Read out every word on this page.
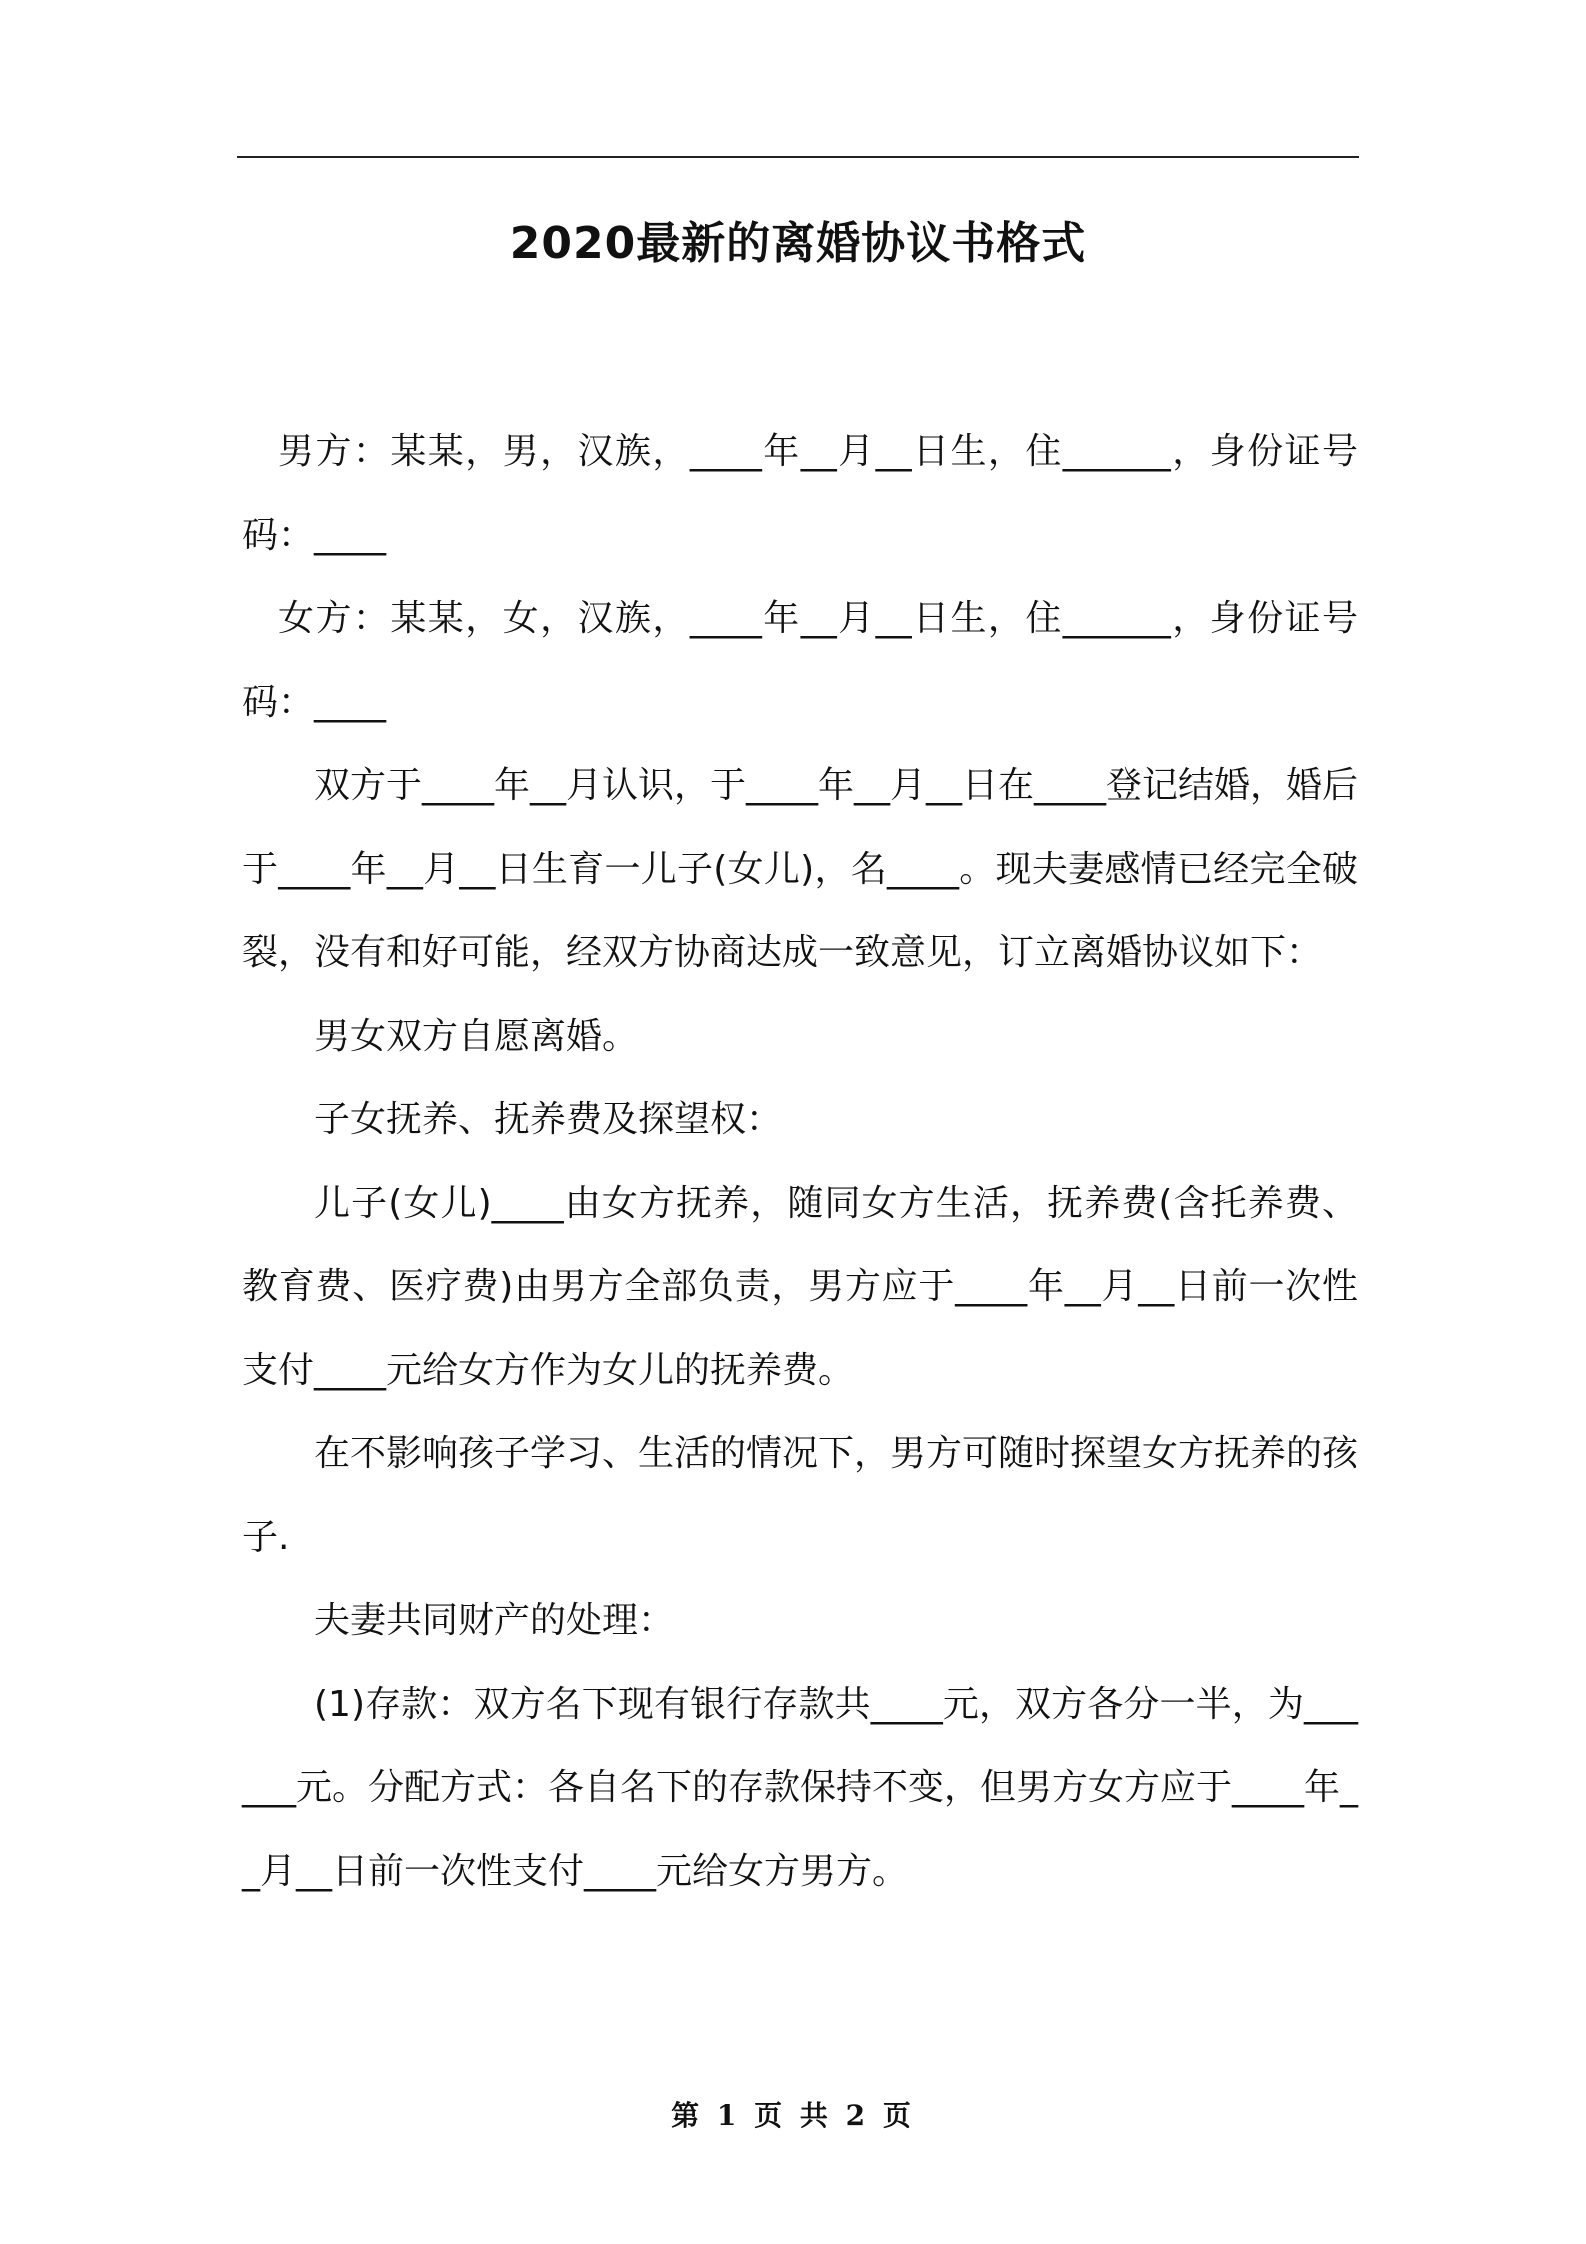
2020最新的离婚协议书格式

男方：某某，男，汉族，____年__月__日生，住______，身份证号码：____

女方：某某，女，汉族，____年__月__日生，住______，身份证号码：____

双方于____年__月认识，于____年__月__日在____登记结婚，婚后于____年__月__日生育一儿子(女儿)，名____。现夫妻感情已经完全破裂，没有和好可能，经双方协商达成一致意见，订立离婚协议如下：

男女双方自愿离婚。

子女抚养、抚养费及探望权：

儿子(女儿)____由女方抚养，随同女方生活，抚养费(含托养费、教育费、医疗费)由男方全部负责，男方应于____年__月__日前一次性支付____元给女方作为女儿的抚养费。

在不影响孩子学习、生活的情况下，男方可随时探望女方抚养的孩子.

夫妻共同财产的处理：

(1)存款：双方名下现有银行存款共____元，双方各分一半，为______元。分配方式：各自名下的存款保持不变，但男方女方应于____年__月__日前一次性支付____元给女方男方。

第 1 页 共 2 页
